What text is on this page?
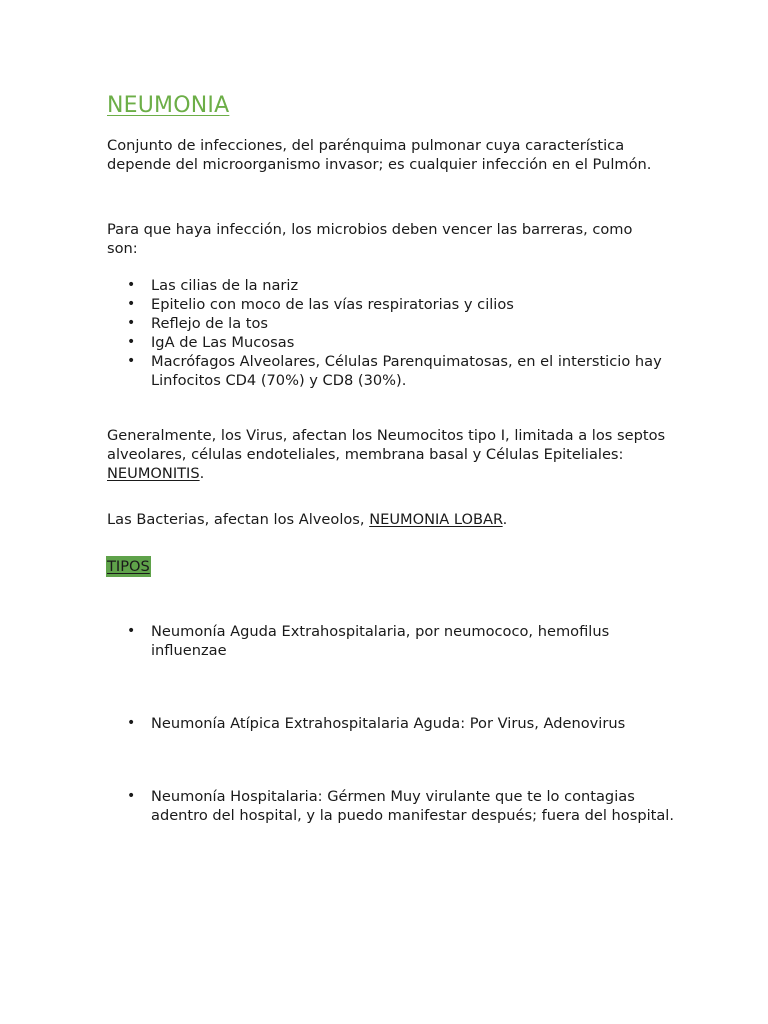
NEUMONIA

Conjunto de infecciones, del parénquima pulmonar cuya característica depende del microorganismo invasor; es cualquier infección en el Pulmón.

Para que haya infección, los microbios deben vencer las barreras, como son:

• Las cilias de la nariz
• Epitelio con moco de las vías respiratorias y cilios
• Reflejo de la tos
• IgA de Las Mucosas
• Macrófagos Alveolares, Células Parenquimatosas, en el intersticio hay Linfocitos CD4 (70%) y CD8 (30%).

Generalmente, los Virus, afectan los Neumocitos tipo I, limitada a los septos alveolares, células endoteliales, membrana basal y Células Epiteliales: NEUMONITIS.

Las Bacterias, afectan los Alveolos, NEUMONIA LOBAR.

TIPOS
• Neumonía Aguda Extrahospitalaria, por neumococo, hemofilus influenzae
• Neumonía Atípica Extrahospitalaria Aguda: Por Virus, Adenovirus
• Neumonía Hospitalaria: Gérmen Muy virulante que te lo contagias adentro del hospital, y la puedo manifestar después; fuera del hospital.
